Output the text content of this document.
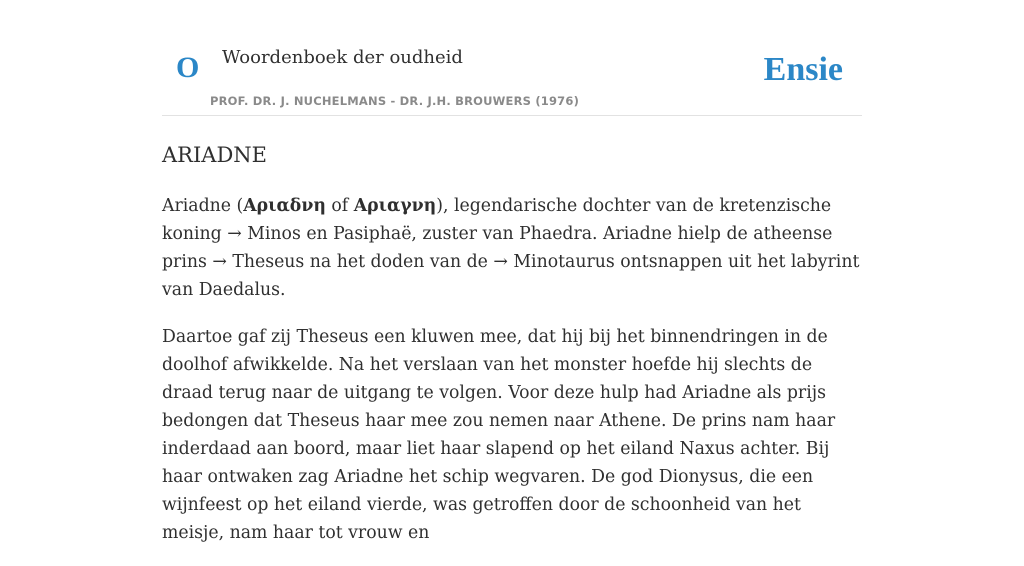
O Woordenboek der oudheid
PROF. DR. J. NUCHELMANS - DR. J.H. BROUWERS (1976)
Ensie
ARIADNE

Ariadne (Αριαδνη of Αριαγνη), legendarische dochter van de kretenzische koning → Minos en Pasiphaë, zuster van Phaedra. Ariadne hielp de atheense prins → Theseus na het doden van de → Minotaurus ontsnappen uit het labyrint van Daedalus.

Daartoe gaf zij Theseus een kluwen mee, dat hij bij het binnendringen in de doolhof afwikkelde. Na het verslaan van het monster hoefde hij slechts de draad terug naar de uitgang te volgen. Voor deze hulp had Ariadne als prijs bedongen dat Theseus haar mee zou nemen naar Athene. De prins nam haar inderdaad aan boord, maar liet haar slapend op het eiland Naxus achter. Bij haar ontwaken zag Ariadne het schip wegvaren. De god Dionysus, die een wijnfeest op het eiland vierde, was getroffen door de schoonheid van het meisje, nam haar tot vrouw en
